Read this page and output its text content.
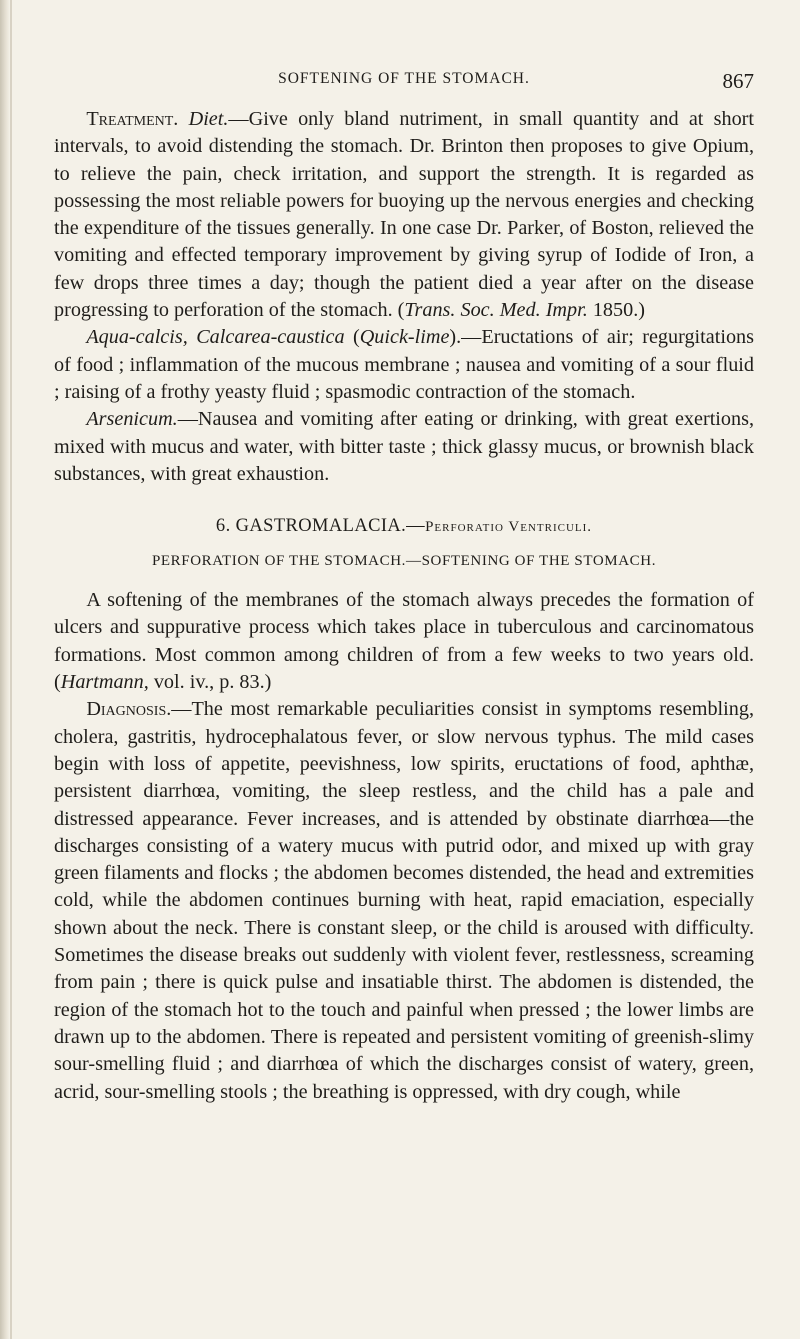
SOFTENING OF THE STOMACH.	867

Treatment. Diet.—Give only bland nutriment, in small quantity and at short intervals, to avoid distending the stomach. Dr. Brinton then proposes to give Opium, to relieve the pain, check irritation, and support the strength. It is regarded as possessing the most reliable powers for buoying up the nervous energies and checking the expenditure of the tissues generally. In one case Dr. Parker, of Boston, relieved the vomiting and effected temporary improvement by giving syrup of Iodide of Iron, a few drops three times a day; though the patient died a year after on the disease progressing to perforation of the stomach. (Trans. Soc. Med. Impr. 1850.)

Aqua-calcis, Calcarea-caustica (Quick-lime).—Eructations of air; regurgitations of food ; inflammation of the mucous membrane ; nausea and vomiting of a sour fluid ; raising of a frothy yeasty fluid ; spasmodic contraction of the stomach.

Arsenicum.—Nausea and vomiting after eating or drinking, with great exertions, mixed with mucus and water, with bitter taste ; thick glassy mucus, or brownish black substances, with great exhaustion.

6. GASTROMALACIA.—Perforatio Ventriculi.
PERFORATION OF THE STOMACH.—SOFTENING OF THE STOMACH.

A softening of the membranes of the stomach always precedes the formation of ulcers and suppurative process which takes place in tuberculous and carcinomatous formations. Most common among children of from a few weeks to two years old. (Hartmann, vol. iv., p. 83.)

Diagnosis.—The most remarkable peculiarities consist in symptoms resembling, cholera, gastritis, hydrocephalatous fever, or slow nervous typhus. The mild cases begin with loss of appetite, peevishness, low spirits, eructations of food, aphthæ, persistent diarrhœa, vomiting, the sleep restless, and the child has a pale and distressed appearance. Fever increases, and is attended by obstinate diarrhœa—the discharges consisting of a watery mucus with putrid odor, and mixed up with gray green filaments and flocks ; the abdomen becomes distended, the head and extremities cold, while the abdomen continues burning with heat, rapid emaciation, especially shown about the neck. There is constant sleep, or the child is aroused with difficulty. Sometimes the disease breaks out suddenly with violent fever, restlessness, screaming from pain ; there is quick pulse and insatiable thirst. The abdomen is distended, the region of the stomach hot to the touch and painful when pressed ; the lower limbs are drawn up to the abdomen. There is repeated and persistent vomiting of greenish-slimy sour-smelling fluid ; and diarrhœa of which the discharges consist of watery, green, acrid, sour-smelling stools ; the breathing is oppressed, with dry cough, while
